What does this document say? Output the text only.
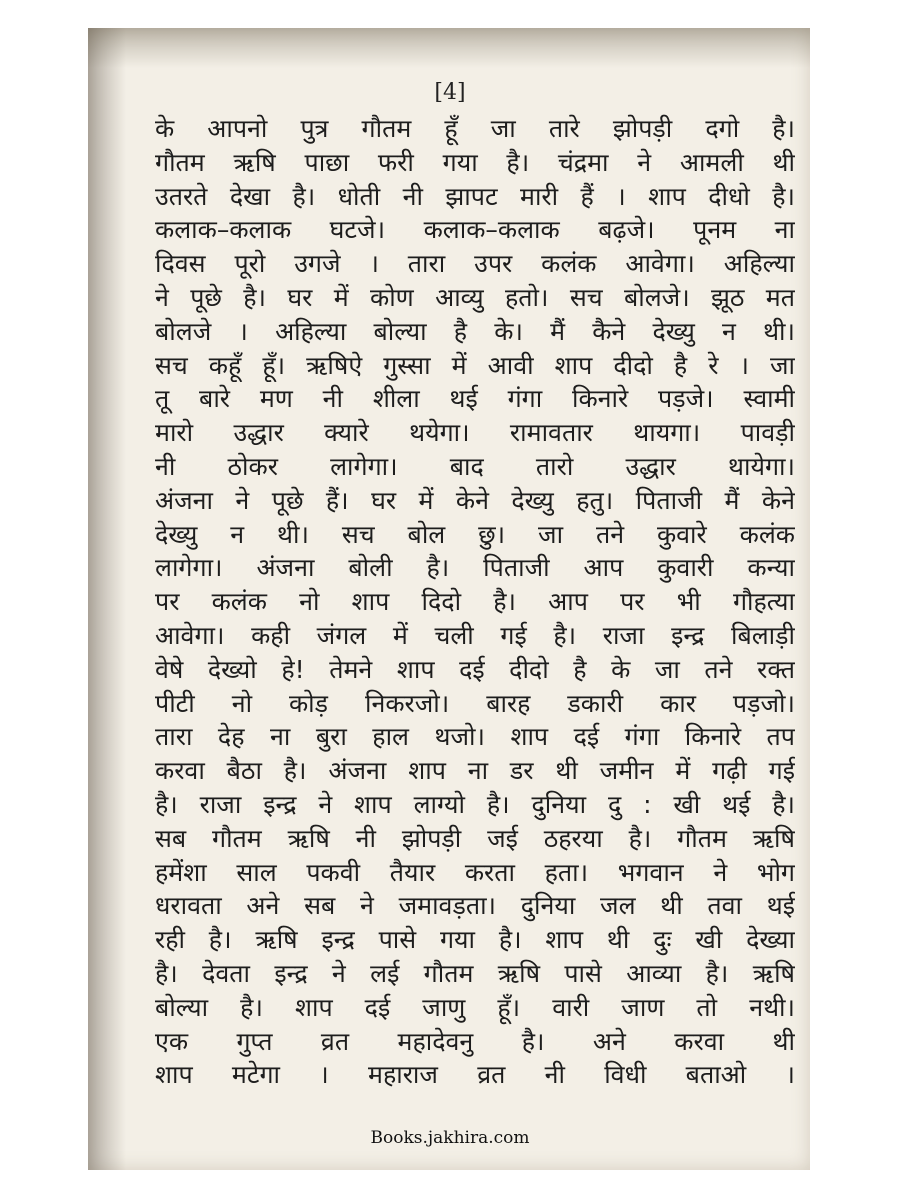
[4]
के आपनो पुत्र गौतम हूँ जा तारे झोपड़ी दगो है।
गौतम ऋषि पाछा फरी गया है। चंद्रमा ने आमली थी
उतरते देखा है। धोती नी झापट मारी हैं । शाप दीधो है।
कलाक–कलाक घटजे। कलाक–कलाक बढ़जे। पूनम ना
दिवस पूरो उगजे । तारा उपर कलंक आवेगा। अहिल्या
ने पूछे है। घर में कोण आव्यु हतो। सच बोलजे। झूठ मत
बोलजे । अहिल्या बोल्या है के। मैं कैने देख्यु न थी।
सच कहूँ हूँ। ऋषिऐ गुस्सा में आवी शाप दीदो है रे । जा
तू बारे मण नी शीला थई गंगा किनारे पड़जे। स्वामी
मारो उद्धार क्यारे थयेगा। रामावतार थायगा। पावड़ी
नी ठोकर लागेगा। बाद तारो उद्धार थायेगा।
अंजना ने पूछे हैं। घर में केने देख्यु हतु। पिताजी मैं केने
देख्यु न थी। सच बोल छु। जा तने कुवारे कलंक
लागेगा। अंजना बोली है। पिताजी आप कुवारी कन्या
पर कलंक नो शाप दिदो है। आप पर भी गौहत्या
आवेगा। कही जंगल में चली गई है। राजा इन्द्र बिलाड़ी
वेषे देख्यो हे! तेमने शाप दई दीदो है के जा तने रक्त
पीटी नो कोड़ निकरजो। बारह डकारी कार पड़जो।
तारा देह ना बुरा हाल थजो। शाप दई गंगा किनारे तप
करवा बैठा है। अंजना शाप ना डर थी जमीन में गढ़ी गई
है। राजा इन्द्र ने शाप लाग्यो है। दुनिया दु : खी थई है।
सब गौतम ऋषि नी झोपड़ी जई ठहरया है। गौतम ऋषि
हमेंशा साल पकवी तैयार करता हता। भगवान ने भोग
धरावता अने सब ने जमावड़ता। दुनिया जल थी तवा थई
रही है। ऋषि इन्द्र पासे गया है। शाप थी दुः खी देख्या
है। देवता इन्द्र ने लई गौतम ऋषि पासे आव्या है। ऋषि
बोल्या है। शाप दई जाणु हूँ। वारी जाण तो नथी।
एक गुप्त व्रत महादेवनु है। अने करवा थी
शाप मटेगा । महाराज व्रत नी विधी बताओ ।
Books.jakhira.com
